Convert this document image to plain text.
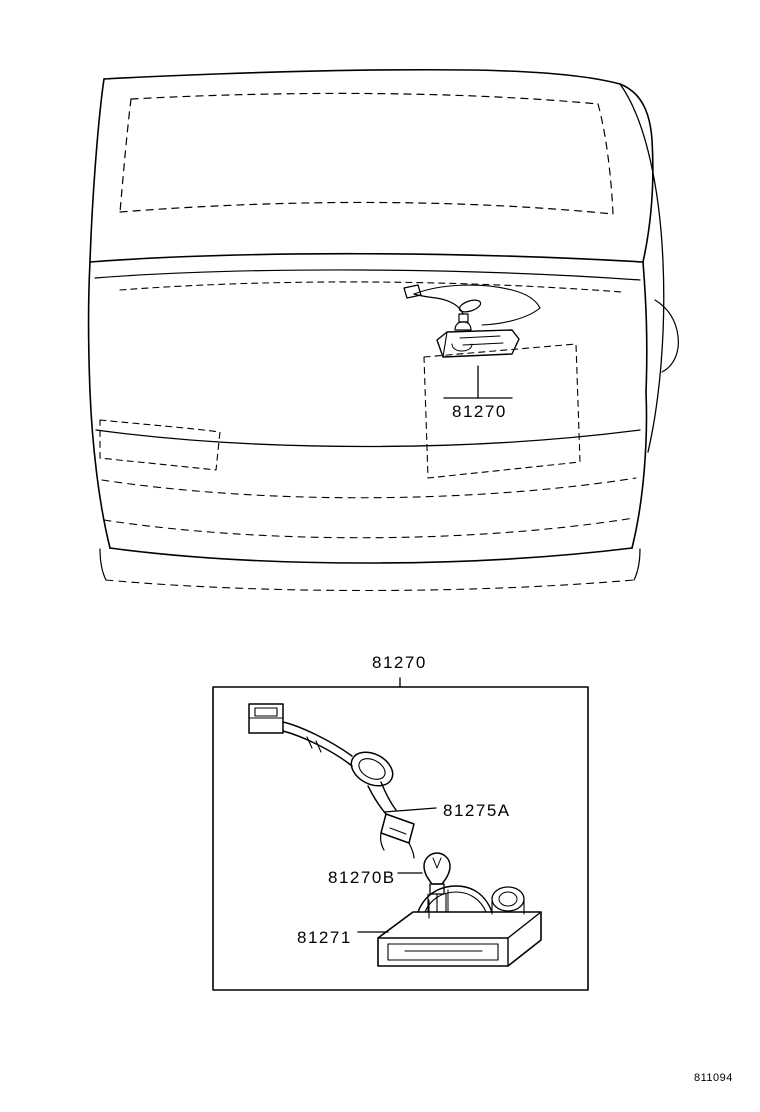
81270
81270
81275A
81270B
81271
811094
